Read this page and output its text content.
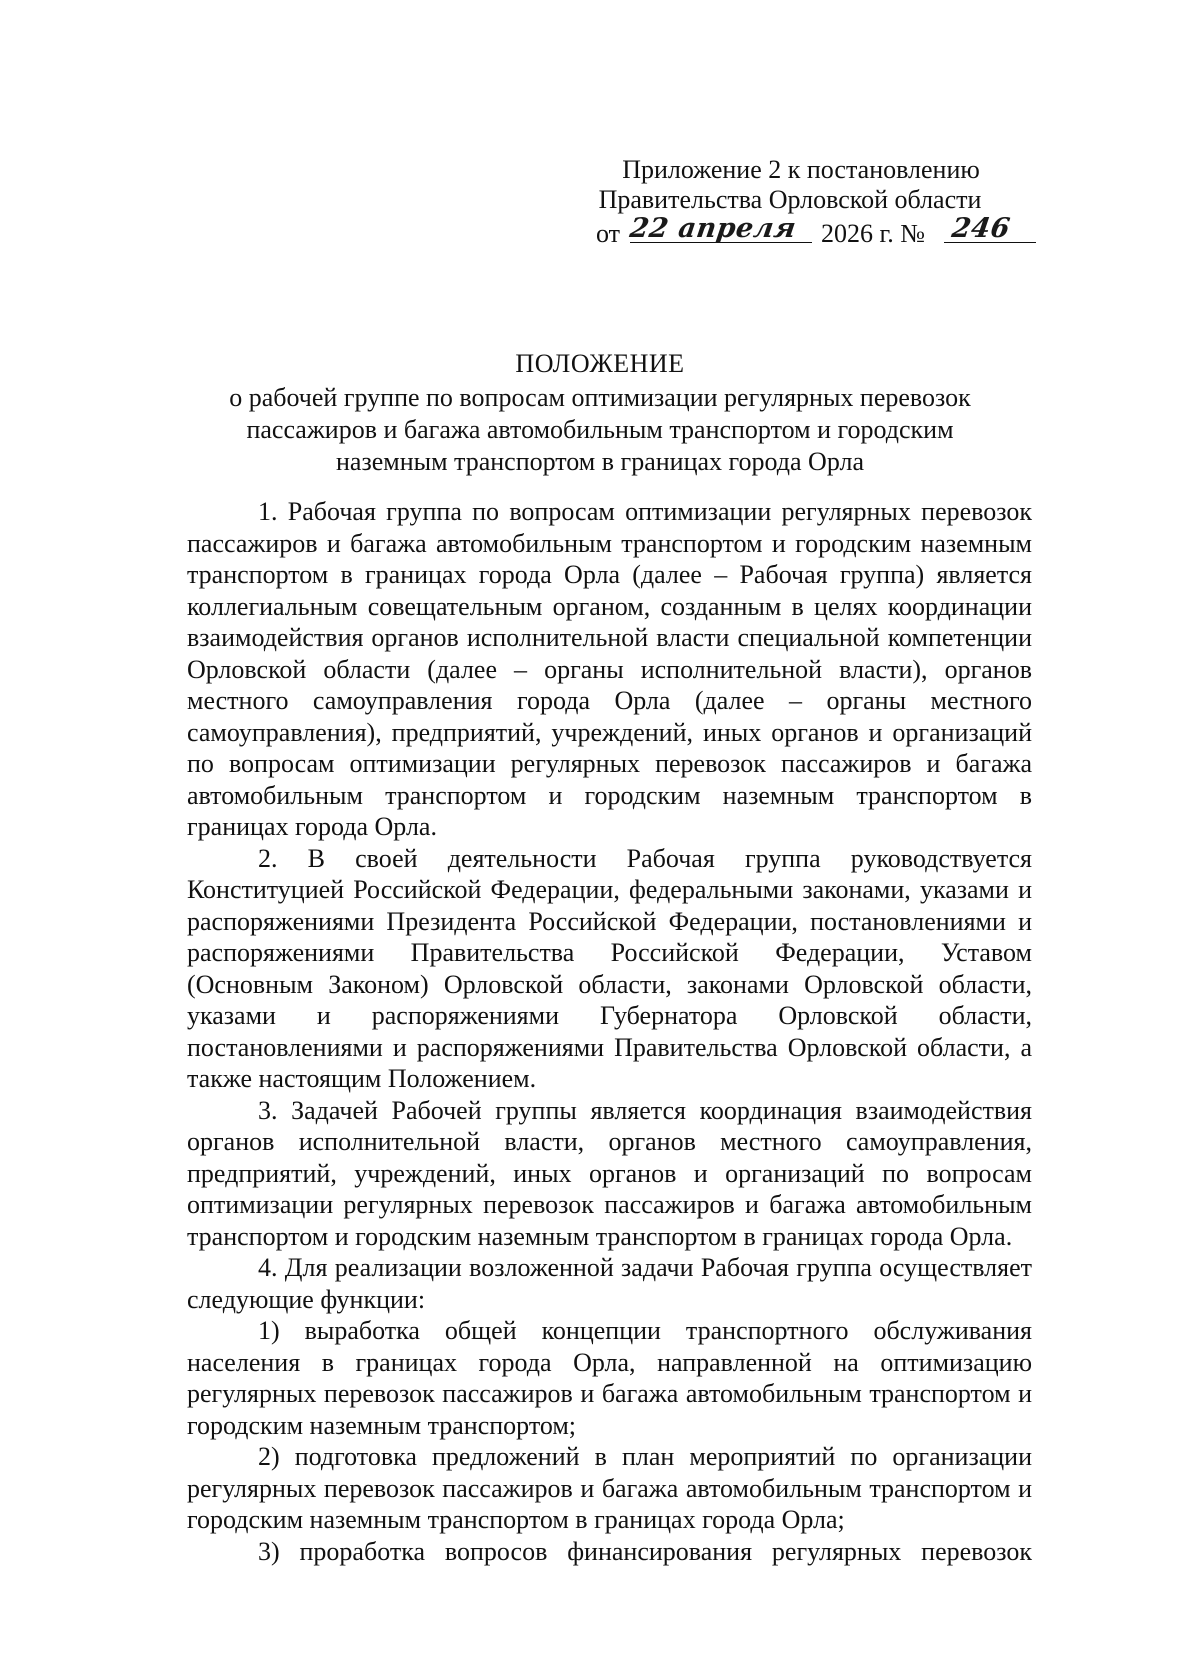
Приложение 2 к постановлению
Правительства Орловской области
от 22 апреля 2026 г. № 246
ПОЛОЖЕНИЕ
о рабочей группе по вопросам оптимизации регулярных перевозок
пассажиров и багажа автомобильным транспортом и городским
наземным транспортом в границах города Орла

1. Рабочая группа по вопросам оптимизации регулярных перевозок пассажиров и багажа автомобильным транспортом и городским наземным транспортом в границах города Орла (далее – Рабочая группа) является коллегиальным совещательным органом, созданным в целях координации взаимодействия органов исполнительной власти специальной компетенции Орловской области (далее – органы исполнительной власти), органов местного самоуправления города Орла (далее – органы местного самоуправления), предприятий, учреждений, иных органов и организаций по вопросам оптимизации регулярных перевозок пассажиров и багажа автомобильным транспортом и городским наземным транспортом в границах города Орла.

2. В своей деятельности Рабочая группа руководствуется Конституцией Российской Федерации, федеральными законами, указами и распоряжениями Президента Российской Федерации, постановлениями и распоряжениями Правительства Российской Федерации, Уставом (Основным Законом) Орловской области, законами Орловской области, указами и распоряжениями Губернатора Орловской области, постановлениями и распоряжениями Правительства Орловской области, а также настоящим Положением.

3. Задачей Рабочей группы является координация взаимодействия органов исполнительной власти, органов местного самоуправления, предприятий, учреждений, иных органов и организаций по вопросам оптимизации регулярных перевозок пассажиров и багажа автомобильным транспортом и городским наземным транспортом в границах города Орла.

4. Для реализации возложенной задачи Рабочая группа осуществляет следующие функции:

1) выработка общей концепции транспортного обслуживания населения в границах города Орла, направленной на оптимизацию регулярных перевозок пассажиров и багажа автомобильным транспортом и городским наземным транспортом;

2) подготовка предложений в план мероприятий по организации регулярных перевозок пассажиров и багажа автомобильным транспортом и городским наземным транспортом в границах города Орла;

3) проработка вопросов финансирования регулярных перевозок
